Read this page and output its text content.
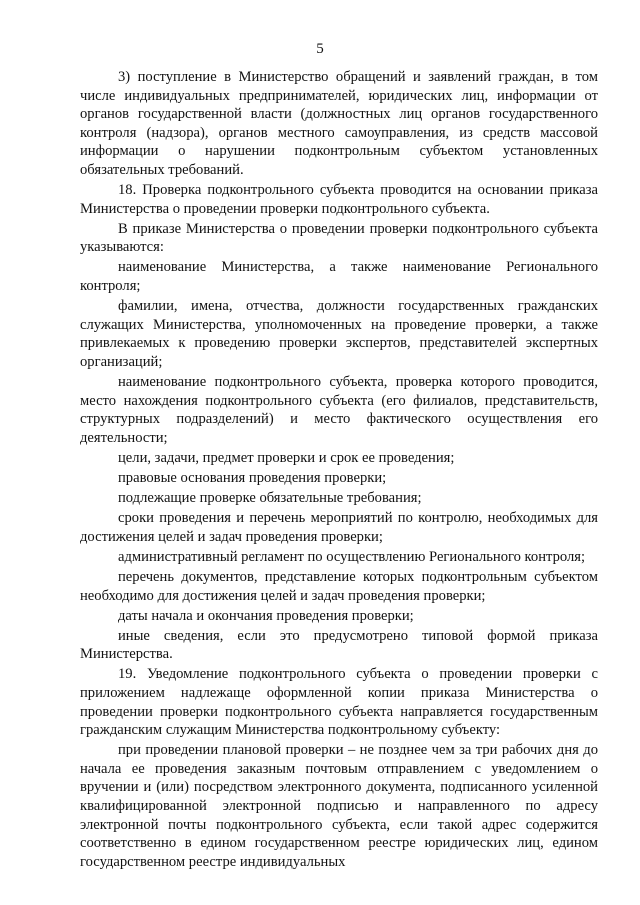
5

3) поступление в Министерство обращений и заявлений граждан, в том числе индивидуальных предпринимателей, юридических лиц, информации от органов государственной власти (должностных лиц органов государственного контроля (надзора), органов местного самоуправления, из средств массовой информации о нарушении подконтрольным субъектом установленных обязательных требований.

18. Проверка подконтрольного субъекта проводится на основании приказа Министерства о проведении проверки подконтрольного субъекта.

В приказе Министерства о проведении проверки подконтрольного субъекта указываются:

наименование Министерства, а также наименование Регионального контроля;

фамилии, имена, отчества, должности государственных гражданских служащих Министерства, уполномоченных на проведение проверки, а также привлекаемых к проведению проверки экспертов, представителей экспертных организаций;

наименование подконтрольного субъекта, проверка которого проводится, место нахождения подконтрольного субъекта (его филиалов, представительств, структурных подразделений) и место фактического осуществления его деятельности;

цели, задачи, предмет проверки и срок ее проведения;

правовые основания проведения проверки;

подлежащие проверке обязательные требования;

сроки проведения и перечень мероприятий по контролю, необходимых для достижения целей и задач проведения проверки;

административный регламент по осуществлению Регионального контроля;

перечень документов, представление которых подконтрольным субъектом необходимо для достижения целей и задач проведения проверки;

даты начала и окончания проведения проверки;

иные сведения, если это предусмотрено типовой формой приказа Министерства.

19. Уведомление подконтрольного субъекта о проведении проверки с приложением надлежаще оформленной копии приказа Министерства о проведении проверки подконтрольного субъекта направляется государственным гражданским служащим Министерства подконтрольному субъекту:

при проведении плановой проверки – не позднее чем за три рабочих дня до начала ее проведения заказным почтовым отправлением с уведомлением о вручении и (или) посредством электронного документа, подписанного усиленной квалифицированной электронной подписью и направленного по адресу электронной почты подконтрольного субъекта, если такой адрес содержится соответственно в едином государственном реестре юридических лиц, едином государственном реестре индивидуальных
